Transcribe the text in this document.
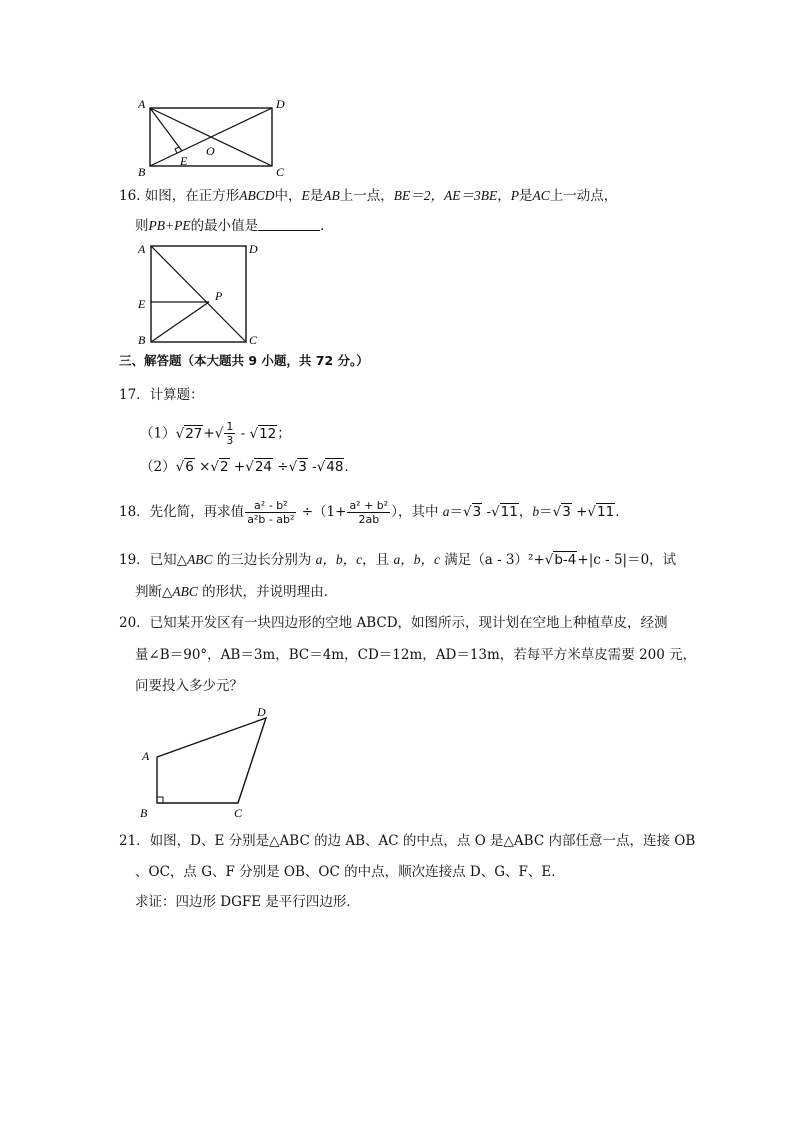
A	D
B	C
O
E
16. 如图，在正方形ABCD中，E是AB上一点，BE＝2，AE＝3BE，P是AC上一动点，
则PB+PE的最小值是	．
A	D
E
P
B	C
三、解答题（本大题共 9 小题，共 72 分。）
17．计算题：
$(1)√27+√ \frac{1}{3} - √12$；
（2）√6 ×√2 +√24 ÷√3 -√48．
18．先化简，再求值 $\frac{\text{a² - b²}}{\text{a²b - ab²}} \div(1+ \frac{\text{a² + b²}}{2ab}$ ），其中 a＝√3 -√11，b＝√3 +√11．
19．已知△ABC 的三边长分别为 a，b，c，且 a，b，c 满足（a - 3）²+√b-4+|c - 5|＝0，试
判断△ABC 的形状，并说明理由．
20．已知某开发区有一块四边形的空地 ABCD，如图所示，现计划在空地上种植草皮，经测
量∠B＝90°，AB＝3m，BC＝4m，CD＝12m，AD＝13m，若每平方米草皮需要 200 元，
问要投入多少元？
A
D
B	C
21．如图，D、E 分别是△ABC 的边 AB、AC 的中点，点 O 是△ABC 内部任意一点，连接 OB
、OC，点 G、F 分别是 OB、OC 的中点，顺次连接点 D、G、F、E．
求证：四边形 DGFE 是平行四边形．
